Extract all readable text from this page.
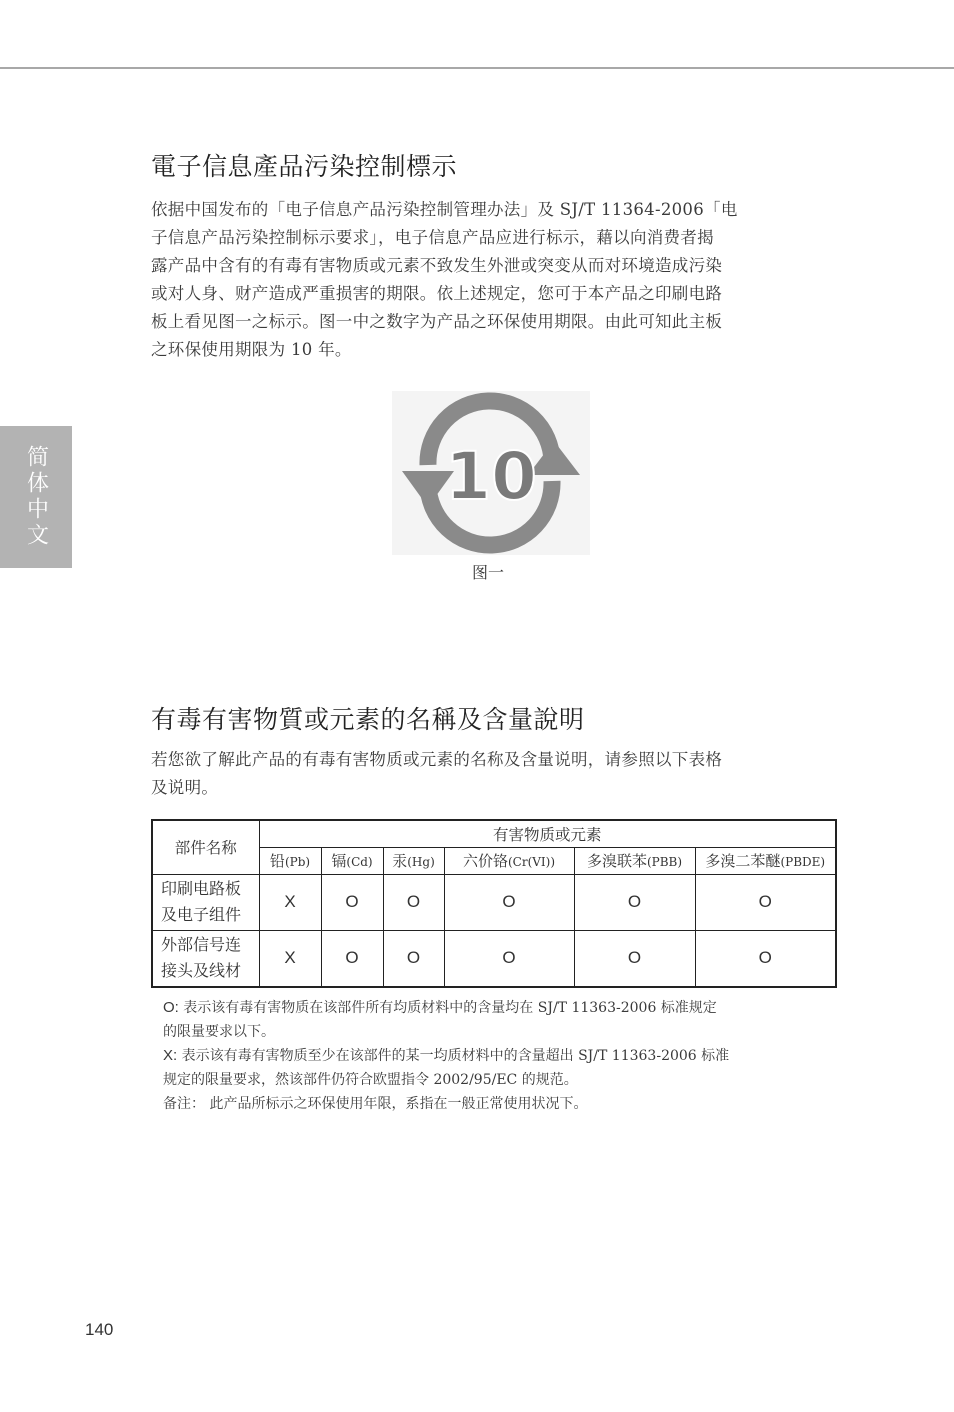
简体中文
電子信息產品污染控制標示
依据中国发布的「电子信息产品污染控制管理办法」及 SJ/T 11364-2006「电
子信息产品污染控制标示要求」，电子信息产品应进行标示，藉以向消费者揭
露产品中含有的有毒有害物质或元素不致发生外泄或突变从而对环境造成污染
或对人身、财产造成严重损害的期限。依上述规定，您可于本产品之印刷电路
板上看见图一之标示。图一中之数字为产品之环保使用期限。由此可知此主板
之环保使用期限为 10 年。
10
图一
有毒有害物質或元素的名稱及含量說明
若您欲了解此产品的有毒有害物质或元素的名称及含量说明，请参照以下表格
及说明。
部件名称	有害物质或元素					
	铅(Pb)	镉(Cd)	汞(Hg)	六价铬(Cr(VI))	多溴联苯(PBB)	多溴二苯醚(PBDE)

印刷电路板
及电子组件	X	O	O	O	O	O

外部信号连
接头及线材	X	O	O	O	O	O

O: 表示该有毒有害物质在该部件所有均质材料中的含量均在 SJ/T 11363-2006 标准规定

的限量要求以下。

X: 表示该有毒有害物质至少在该部件的某一均质材料中的含量超出 SJ/T 11363-2006 标准

规定的限量要求，然该部件仍符合欧盟指令 2002/95/EC 的规范。

备注： 此产品所标示之环保使用年限，系指在一般正常使用状况下。

140
